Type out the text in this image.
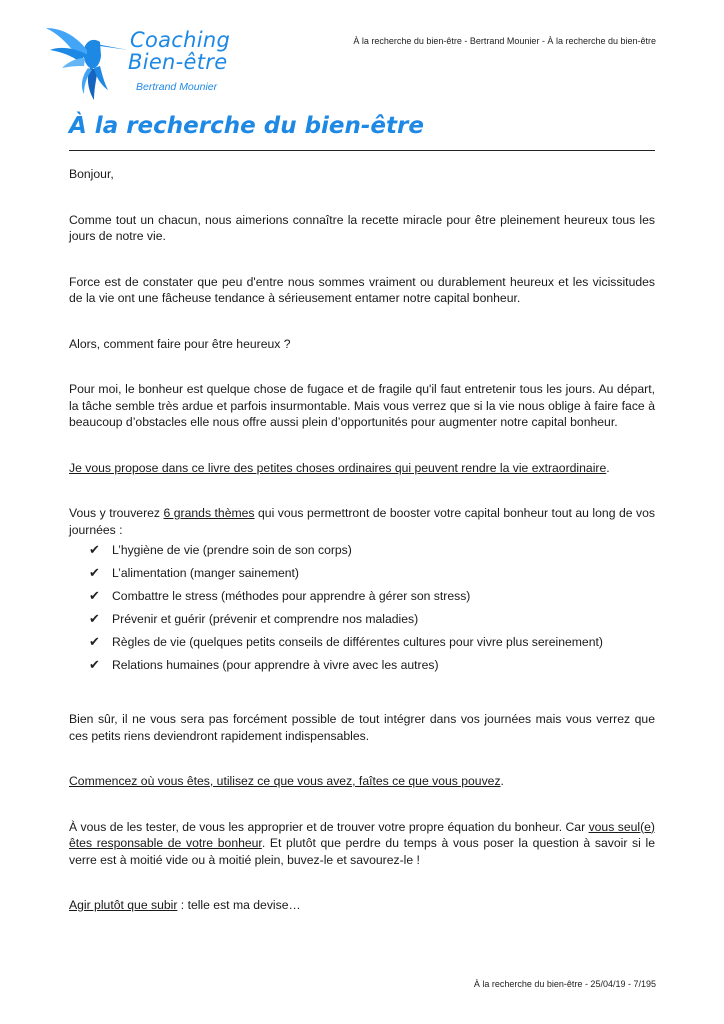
Coaching
Bien-être
Bertrand Mounier
À la recherche du bien-être - Bertrand Mounier - À la recherche du bien-être
À la recherche du bien-être

Bonjour,

Comme tout un chacun, nous aimerions connaître la recette miracle pour être pleinement heureux tous les jours de notre vie.

Force est de constater que peu d'entre nous sommes vraiment ou durablement heureux et les vicissitudes de la vie ont une fâcheuse tendance à sérieusement entamer notre capital bonheur.

Alors, comment faire pour être heureux ?

Pour moi, le bonheur est quelque chose de fugace et de fragile qu'il faut entretenir tous les jours. Au départ, la tâche semble très ardue et parfois insurmontable. Mais vous verrez que si la vie nous oblige à faire face à beaucoup d’obstacles elle nous offre aussi plein d’opportunités pour augmenter notre capital bonheur.

Je vous propose dans ce livre des petites choses ordinaires qui peuvent rendre la vie extraordinaire.

Vous y trouverez 6 grands thèmes qui vous permettront de booster votre capital bonheur tout au long de vos journées :

✔ L’hygiène de vie (prendre soin de son corps)
✔ L’alimentation (manger sainement)
✔ Combattre le stress (méthodes pour apprendre à gérer son stress)
✔ Prévenir et guérir (prévenir et comprendre nos maladies)
✔ Règles de vie (quelques petits conseils de différentes cultures pour vivre plus sereinement)
✔ Relations humaines (pour apprendre à vivre avec les autres)

Bien sûr, il ne vous sera pas forcément possible de tout intégrer dans vos journées mais vous verrez que ces petits riens deviendront rapidement indispensables.

Commencez où vous êtes, utilisez ce que vous avez, faîtes ce que vous pouvez.

À vous de les tester, de vous les approprier et de trouver votre propre équation du bonheur. Car vous seul(e) êtes responsable de votre bonheur. Et plutôt que perdre du temps à vous poser la question à savoir si le verre est à moitié vide ou à moitié plein, buvez-le et savourez-le !

Agir plutôt que subir : telle est ma devise…

À la recherche du bien-être - 25/04/19 - 7/195
